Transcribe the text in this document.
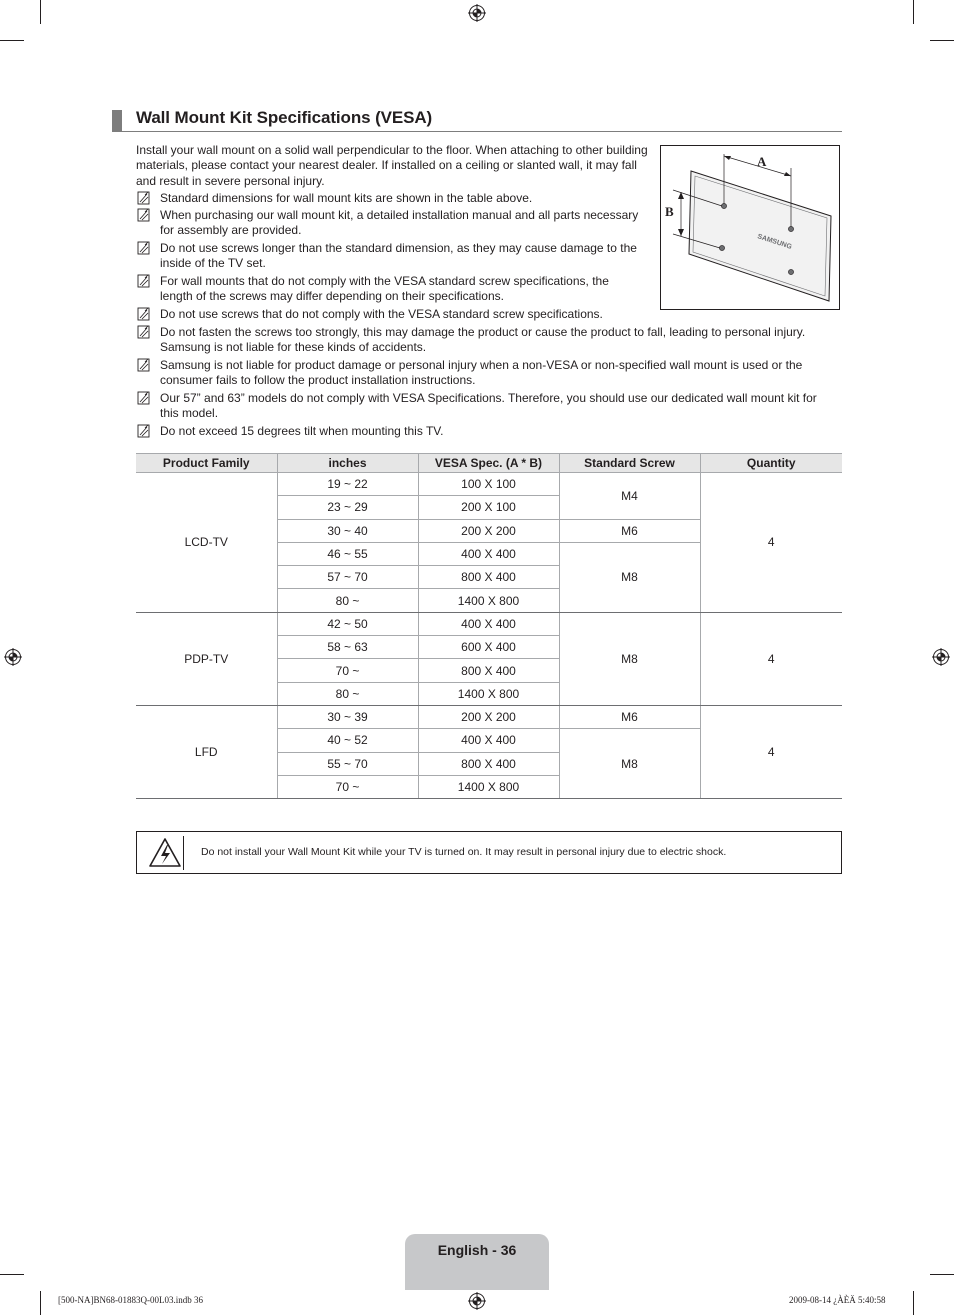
Wall Mount Kit Specifications (VESA)
Install your wall mount on a solid wall perpendicular to the floor. When attaching to other building materials, please contact your nearest dealer. If installed on a ceiling or slanted wall, it may fall and result in severe personal injury.
Standard dimensions for wall mount kits are shown in the table above.
When purchasing our wall mount kit, a detailed installation manual and all parts necessary for assembly are provided.
Do not use screws longer than the standard dimension, as they may cause damage to the inside of the TV set.
For wall mounts that do not comply with the VESA standard screw specifications, the length of the screws may differ depending on their specifications.
Do not use screws that do not comply with the VESA standard screw specifications.
Do not fasten the screws too strongly, this may damage the product or cause the product to fall, leading to personal injury. Samsung is not liable for these kinds of accidents.
Samsung is not liable for product damage or personal injury when a non-VESA or non-specified wall mount is used or the consumer fails to follow the product installation instructions.
Our 57” and 63” models do not comply with VESA Specifications. Therefore, you should use our dedicated wall mount kit for this model.
Do not exceed 15 degrees tilt when mounting this TV.
SAMSUNG
A
B
Product Family	inches	VESA Spec. (A * B)	Standard Screw	Quantity
LCD-TV	19 ~ 22	100 X 100	M4	4
	23 ~ 29	200 X 100		
	30 ~ 40	200 X 200	M6	
	46 ~ 55	400 X 400	M8	
	57 ~ 70	800 X 400		
	80 ~	1400 X 800		
PDP-TV	42 ~ 50	400 X 400	M8	4
	58 ~ 63	600 X 400		
	70 ~	800 X 400		
	80 ~	1400 X 800		
LFD	30 ~ 39	200 X 200	M6	4
	40 ~ 52	400 X 400	M8	
	55 ~ 70	800 X 400		
	70 ~	1400 X 800		
Do not install your Wall Mount Kit while your TV is turned on. It may result in personal injury due to electric shock.
English - 36
[500-NA]BN68-01883Q-00L03.indb 36	2009-08-14 ¿ÀÈÄ 5:40:58
